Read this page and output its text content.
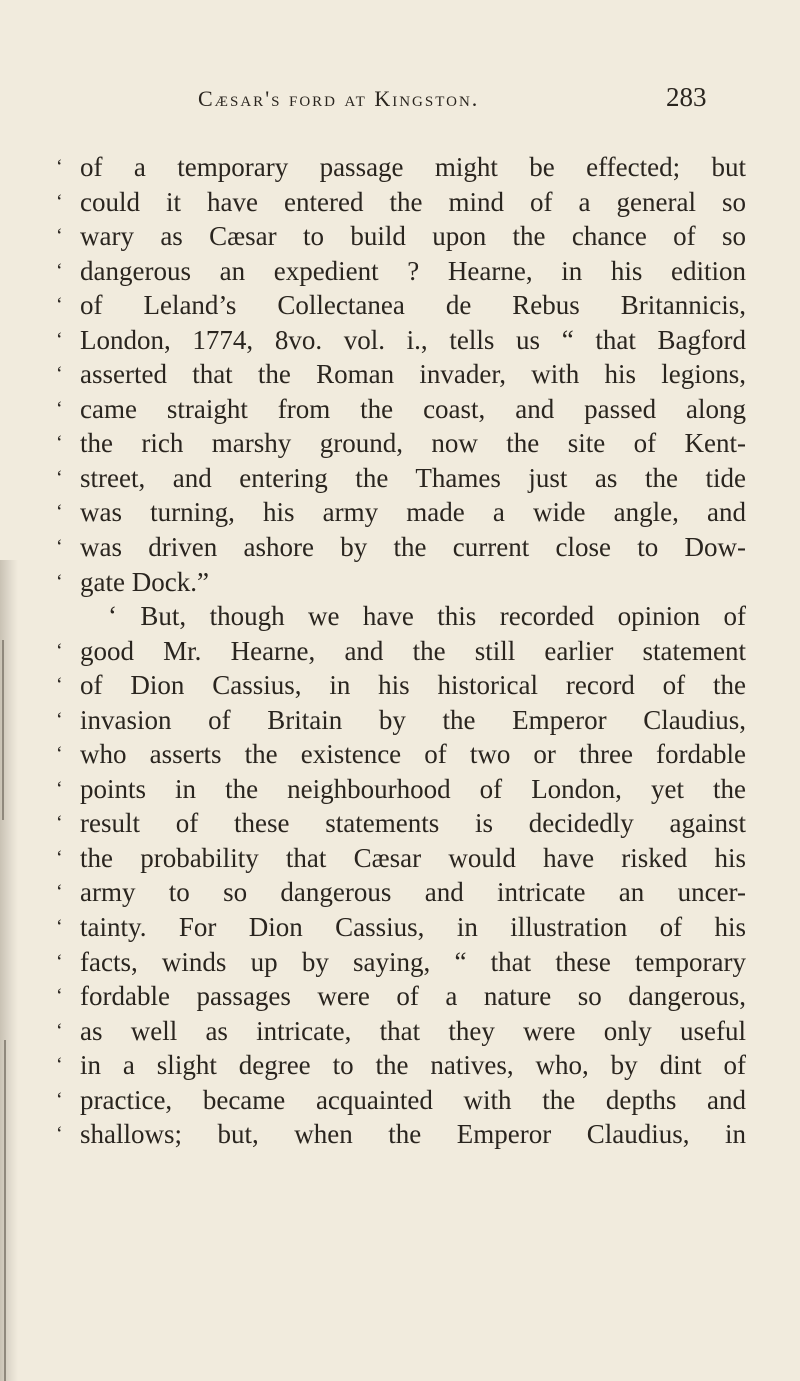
Cæsar's ford at Kingston.	283
‘ of a temporary passage might be effected; but
‘ could it have entered the mind of a general so
‘ wary as Cæsar to build upon the chance of so
‘ dangerous an expedient ? Hearne, in his edition
‘ of Leland’s Collectanea de Rebus Britannicis,
‘ London, 1774, 8vo. vol. i., tells us “ that Bagford
‘ asserted that the Roman invader, with his legions,
‘ came straight from the coast, and passed along
‘ the rich marshy ground, now the site of Kent-
‘ street, and entering the Thames just as the tide
‘ was turning, his army made a wide angle, and
‘ was driven ashore by the current close to Dow-
‘ gate Dock.”
‘ But, though we have this recorded opinion of
‘ good Mr. Hearne, and the still earlier statement
‘ of Dion Cassius, in his historical record of the
‘ invasion of Britain by the Emperor Claudius,
‘ who asserts the existence of two or three fordable
‘ points in the neighbourhood of London, yet the
‘ result of these statements is decidedly against
‘ the probability that Cæsar would have risked his
‘ army to so dangerous and intricate an uncer-
‘ tainty. For Dion Cassius, in illustration of his
‘ facts, winds up by saying, “ that these temporary
‘ fordable passages were of a nature so dangerous,
‘ as well as intricate, that they were only useful
‘ in a slight degree to the natives, who, by dint of
‘ practice, became acquainted with the depths and
‘ shallows; but, when the Emperor Claudius, in
